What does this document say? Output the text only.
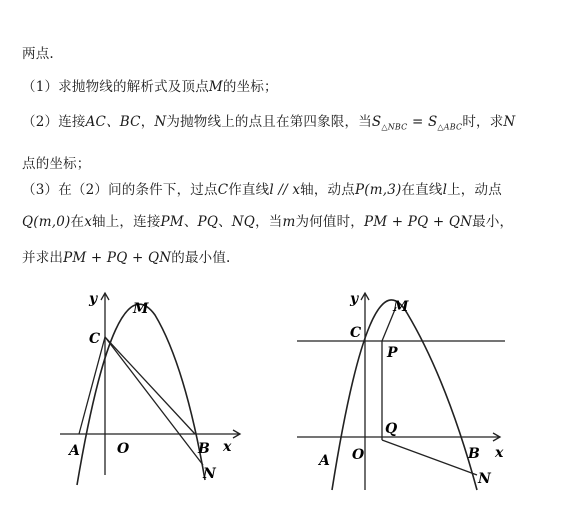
两点.
（1）求抛物线的解析式及顶点M的坐标；
（2）连接AC、BC，N为抛物线上的点且在第四象限，当$S_{\triangle NBC} = S_{\triangle ABC}$时，求N
点的坐标；
（3）在（2）问的条件下，过点C作直线l // x轴，动点P(m,3)在直线l上，动点
Q(m,0)在x轴上，连接PM、PQ、NQ，当m为何值时，PM + PQ + QN最小，
并求出PM + PQ + QN的最小值.
y
x
M
C
A	O	B
N
y
x
M
C
P
Q
A O	B
N
